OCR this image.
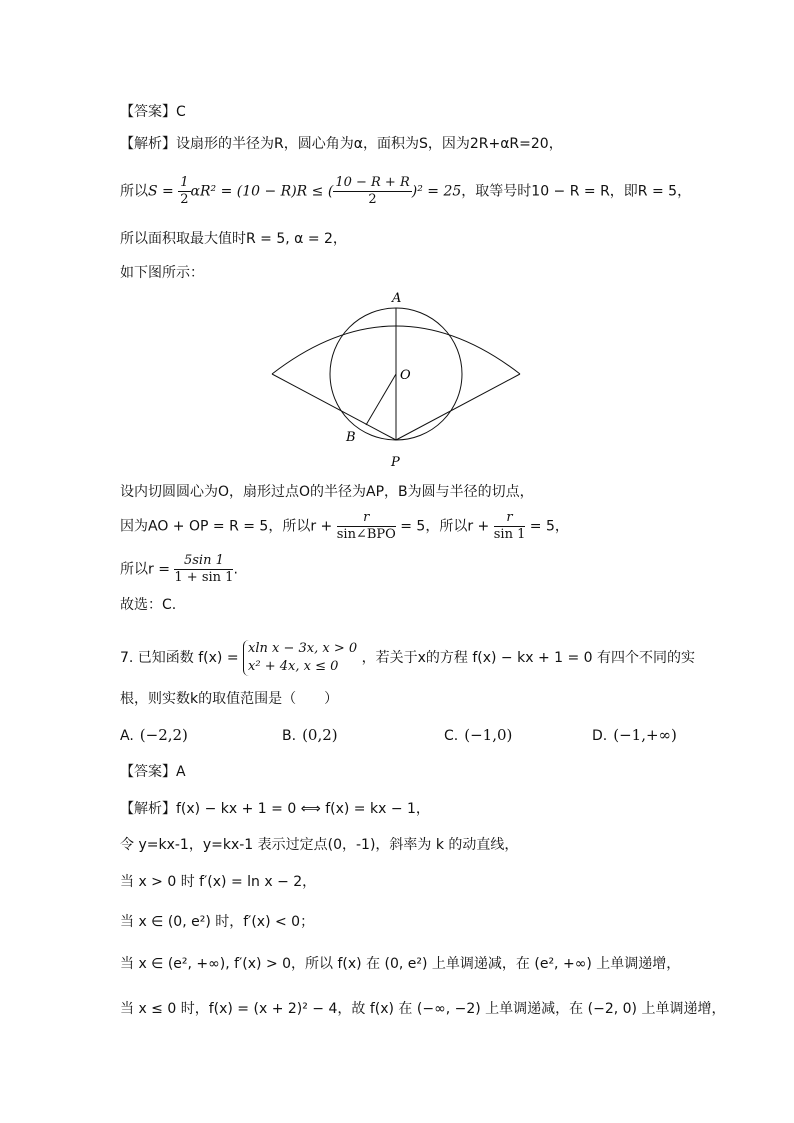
【答案】C
【解析】设扇形的半径为R，圆心角为α，面积为S，因为2R+αR=20，
所以$S = \frac{1}{2} \alpha R^2 = (10 - R)R$ ≤ ( $\frac{10 - R + R}{2} )^2 = 25$，取等号时10 − R = R，即R = 5，
所以面积取最大值时R = 5, α = 2，
如下图所示：
A
O
B
P
设内切圆圆心为O，扇形过点O的半径为AP，B为圆与半径的切点，
因为AO + OP = R = 5，所以$r + \frac{r}{\text{sin∠BPO}} = 5$，所以$r + \frac{r}{\sin 1} = 5$，
所以$r = \frac{5\sin 1}{1 + \sin 1}$ .
故选：C.
7. 已知函数 f(x) =
xln x − 3x, x > 0
x² + 4x, x ≤ 0
，若关于x的方程 f(x) − kx + 1 = 0 有四个不同的实
根，则实数k的取值范围是（　　）
A. (−2,2)	B. (0,2)	C. (−1,0)	D. (−1,+∞)
【答案】A
【解析】f(x) − kx + 1 = 0 ⟺ f(x) = kx − 1，
令 y=kx-1，y=kx-1 表示过定点(0，-1)，斜率为 k 的动直线，
当 x > 0 时 f′(x) = ln x − 2，
当 x ∈ (0, e²) 时，f′(x) < 0；
当 x ∈ (e², +∞), f′(x) > 0，所以 f(x) 在 (0, e²) 上单调递减，在 (e², +∞) 上单调递增，
当 x ≤ 0 时，f(x) = (x + 2)² − 4，故 f(x) 在 (−∞, −2) 上单调递减，在 (−2, 0) 上单调递增，
